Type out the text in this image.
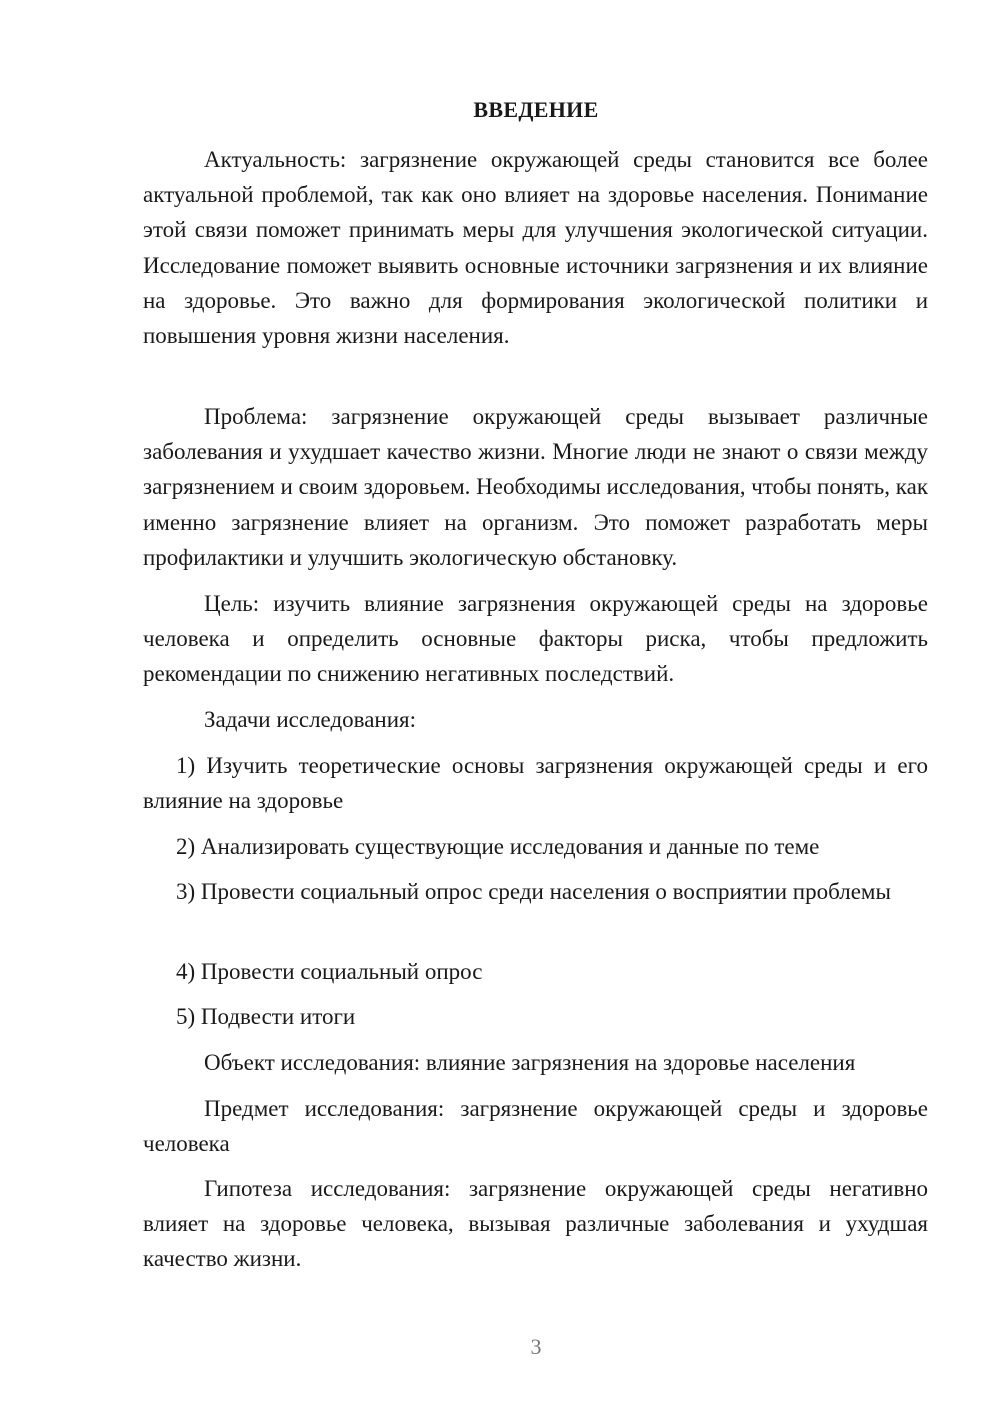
ВВЕДЕНИЕ

Актуальность: загрязнение окружающей среды становится все более актуальной проблемой, так как оно влияет на здоровье населения. Понимание этой связи поможет принимать меры для улучшения экологической ситуации. Исследование поможет выявить основные источники загрязнения и их влияние на здоровье. Это важно для формирования экологической политики и повышения уровня жизни населения.

Проблема: загрязнение окружающей среды вызывает различные заболевания и ухудшает качество жизни. Многие люди не знают о связи между загрязнением и своим здоровьем. Необходимы исследования, чтобы понять, как именно загрязнение влияет на организм. Это поможет разработать меры профилактики и улучшить экологическую обстановку.

Цель: изучить влияние загрязнения окружающей среды на здоровье человека и определить основные факторы риска, чтобы предложить рекомендации по снижению негативных последствий.

Задачи исследования:

1) Изучить теоретические основы загрязнения окружающей среды и его влияние на здоровье

2) Анализировать существующие исследования и данные по теме

3) Провести социальный опрос среди населения о восприятии проблемы

4) Провести социальный опрос

5) Подвести итоги

Объект исследования: влияние загрязнения на здоровье населения

Предмет исследования: загрязнение окружающей среды и здоровье человека

Гипотеза исследования: загрязнение окружающей среды негативно влияет на здоровье человека, вызывая различные заболевания и ухудшая качество жизни.

3
